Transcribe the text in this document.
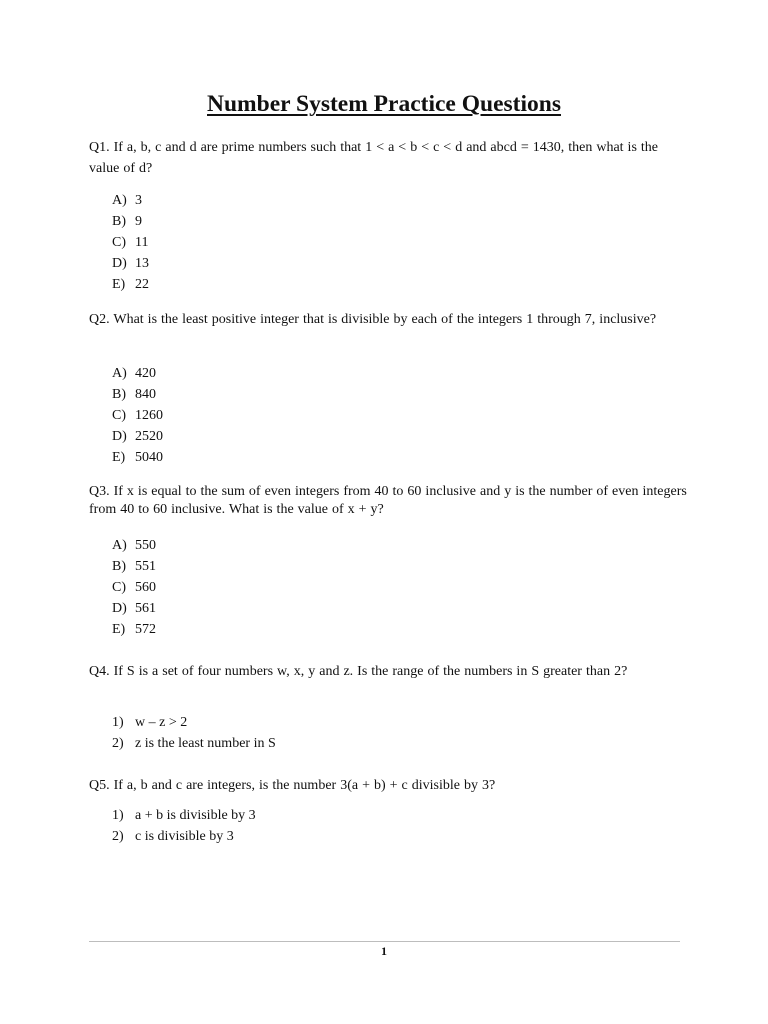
Number System Practice Questions

Q1. If a, b, c and d are prime numbers such that 1 < a < b < c < d and abcd = 1430, then what is the value of d?

A) 3
B) 9
C) 11
D) 13
E) 22

Q2. What is the least positive integer that is divisible by each of the integers 1 through 7, inclusive?

A) 420
B) 840
C) 1260
D) 2520
E) 5040

Q3. If x is equal to the sum of even integers from 40 to 60 inclusive and y is the number of even integers from 40 to 60 inclusive. What is the value of x + y?

A) 550
B) 551
C) 560
D) 561
E) 572

Q4. If S is a set of four numbers w, x, y and z. Is the range of the numbers in S greater than 2?

1) w – z > 2
2) z is the least number in S

Q5. If a, b and c are integers, is the number 3(a + b) + c divisible by 3?

1) a + b is divisible by 3
2) c is divisible by 3
1
